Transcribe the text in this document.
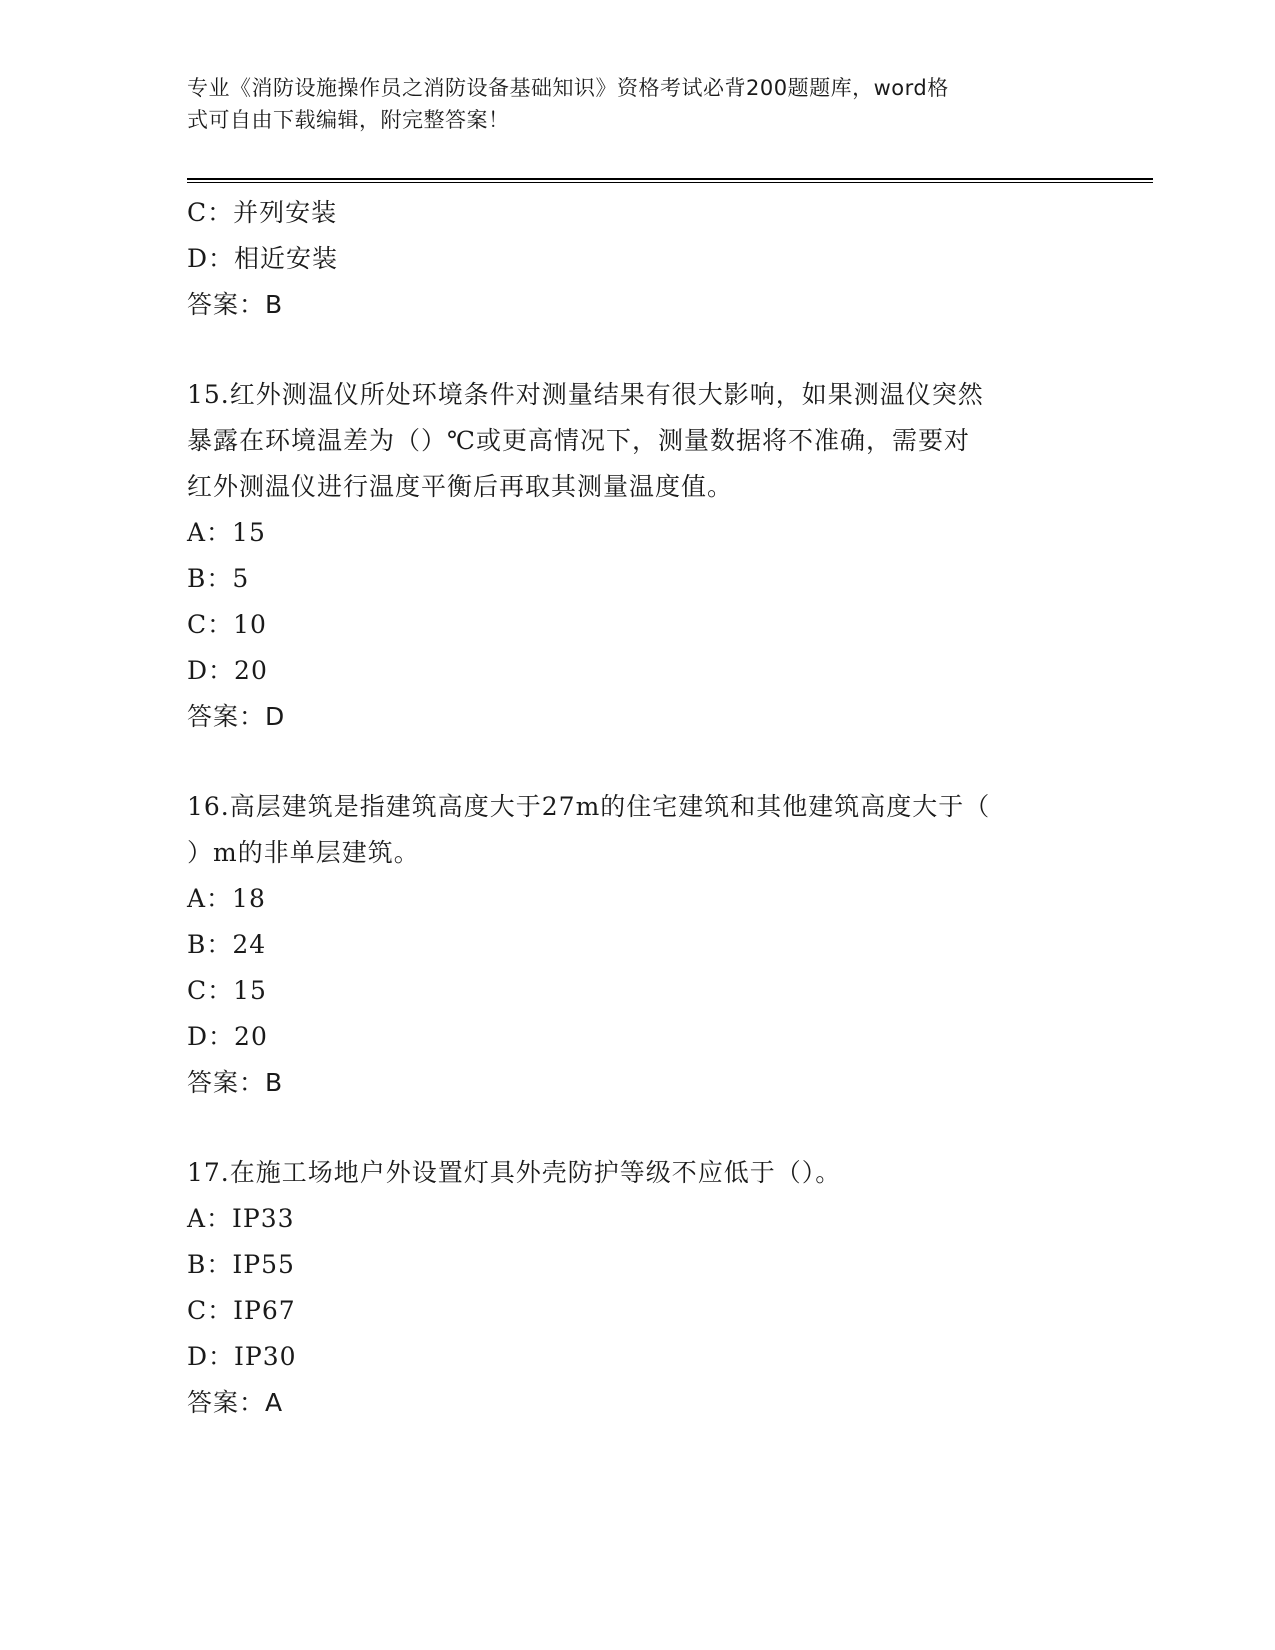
专业《消防设施操作员之消防设备基础知识》资格考试必背200题题库，word格
式可自由下载编辑，附完整答案！
C：并列安装
D：相近安装
答案：B
15.红外测温仪所处环境条件对测量结果有很大影响，如果测温仪突然
暴露在环境温差为（）℃或更高情况下，测量数据将不准确，需要对
红外测温仪进行温度平衡后再取其测量温度值。
A：15
B：5
C：10
D：20
答案：D
16.高层建筑是指建筑高度大于27m的住宅建筑和其他建筑高度大于（
）m的非单层建筑。
A：18
B：24
C：15
D：20
答案：B
17.在施工场地户外设置灯具外壳防护等级不应低于（）。
A：IP33
B：IP55
C：IP67
D：IP30
答案：A
